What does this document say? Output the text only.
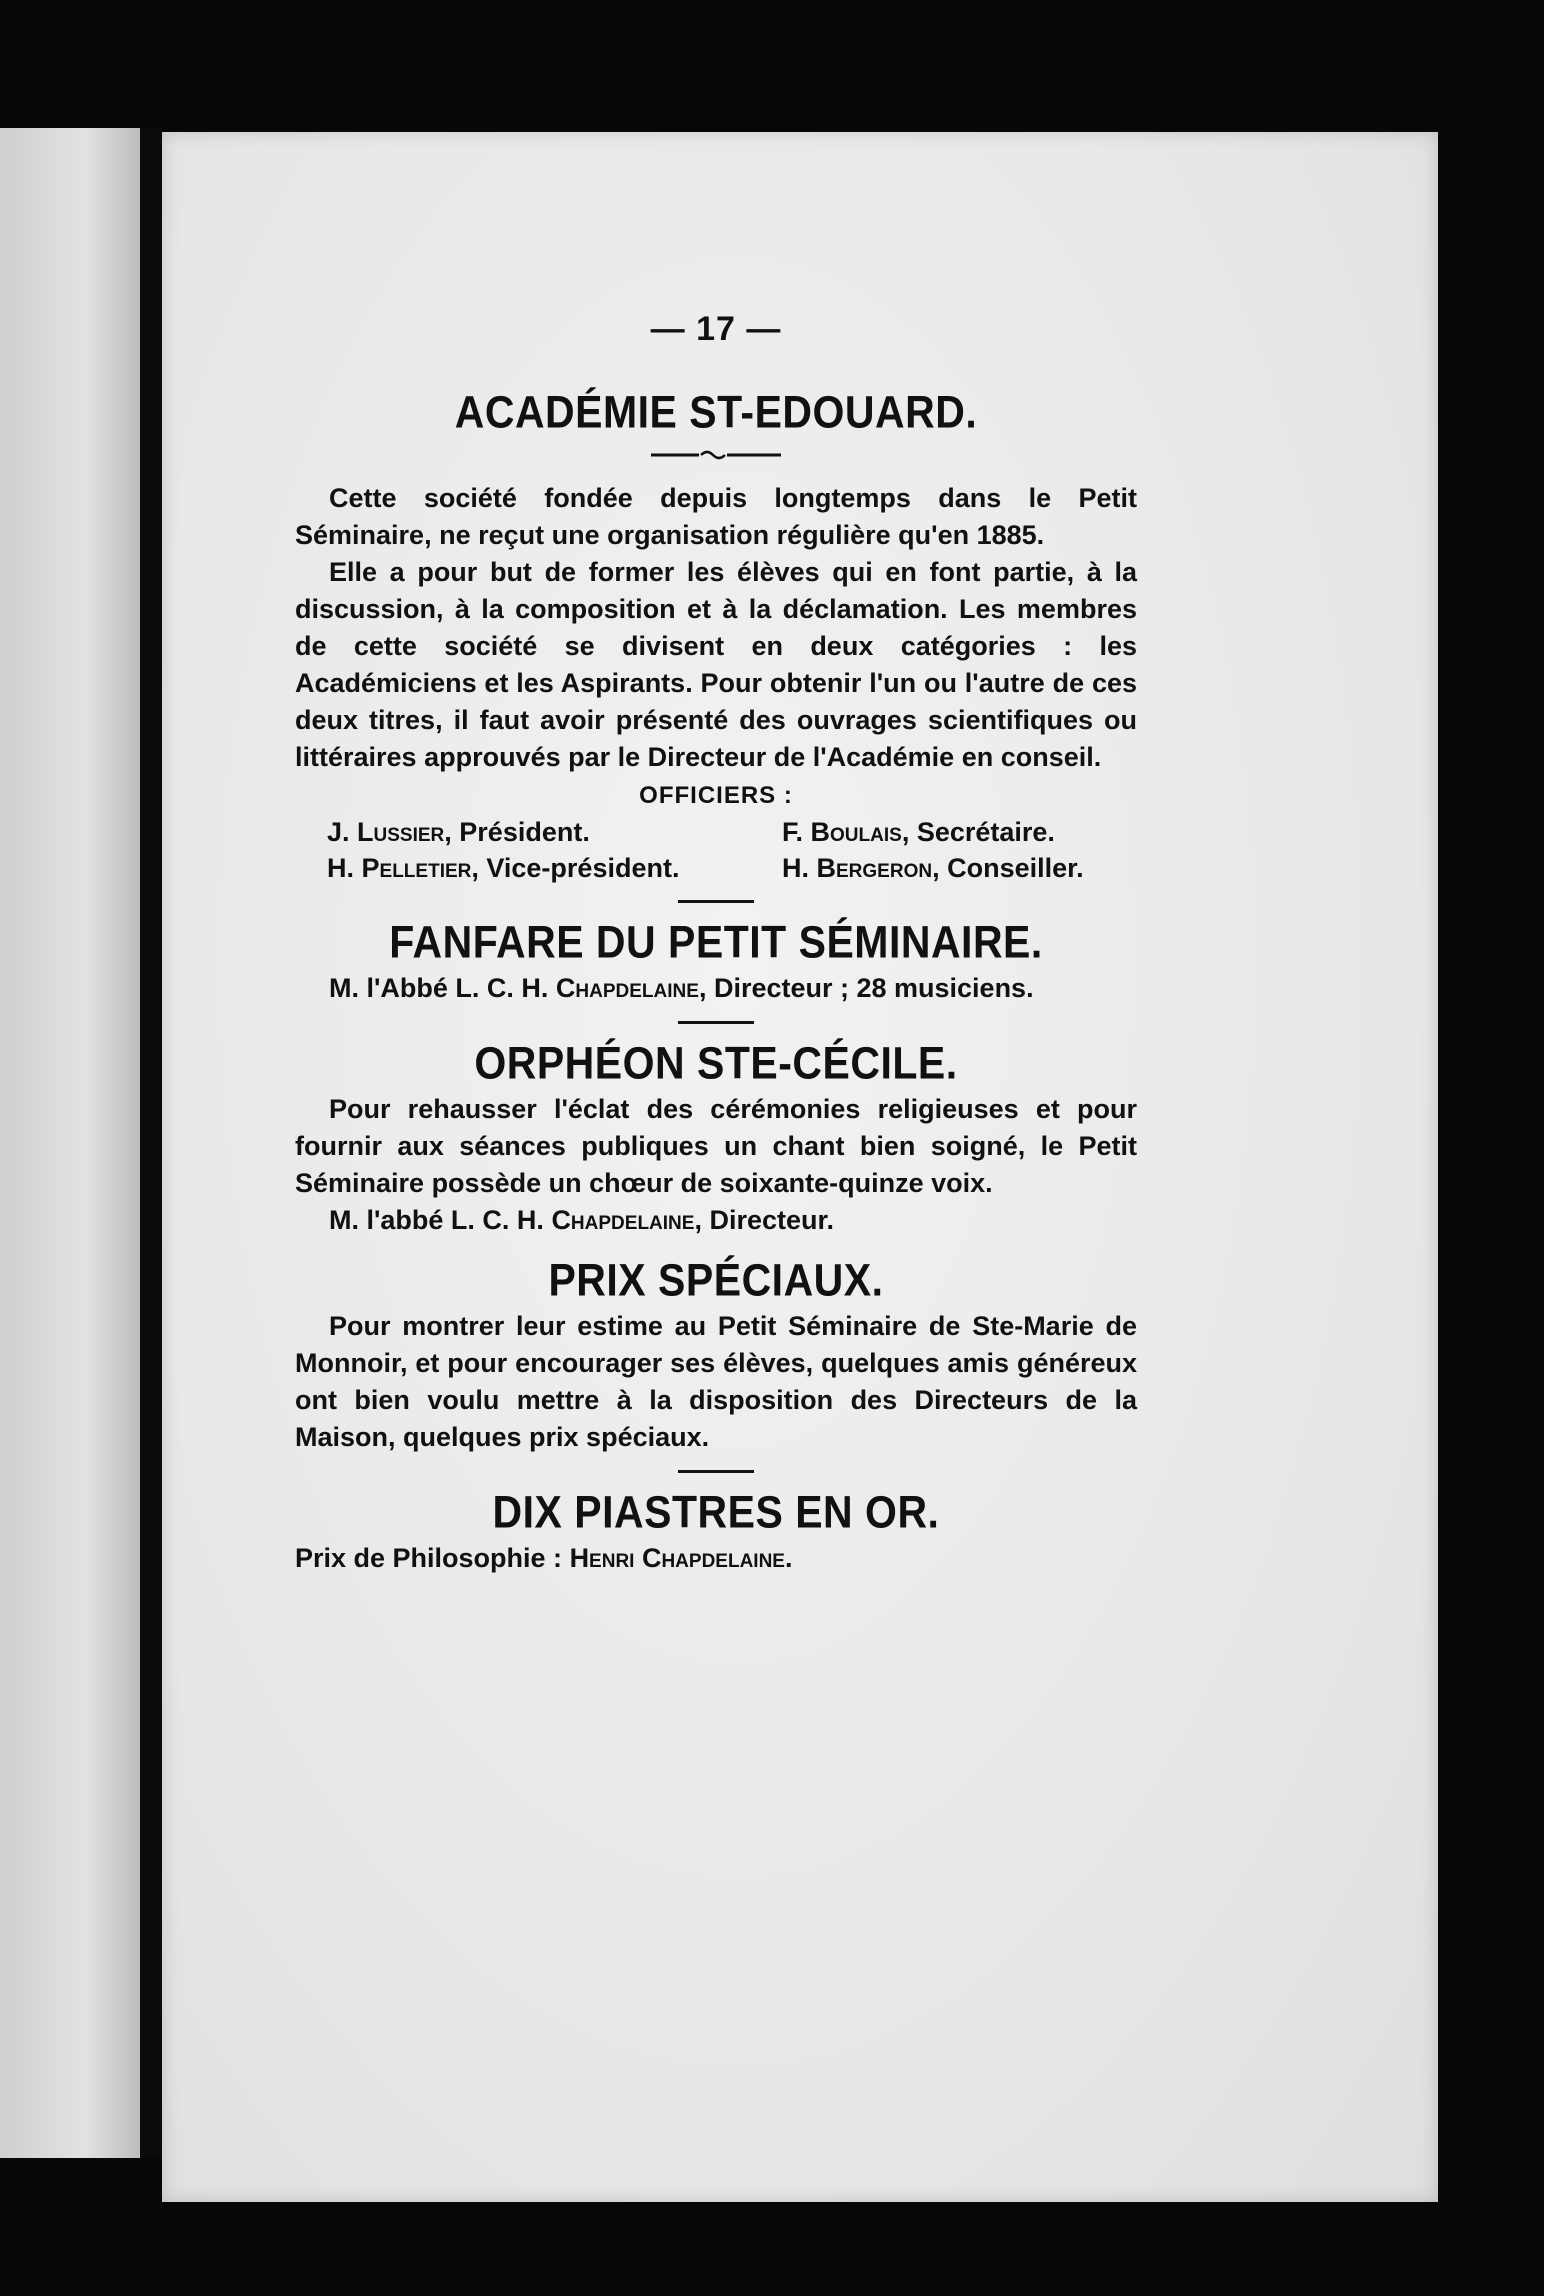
— 17 —
ACADÉMIE ST-EDOUARD.

Cette société fondée depuis longtemps dans le Petit Séminaire, ne reçut une organisation régulière qu'en 1885.

Elle a pour but de former les élèves qui en font partie, à la discussion, à la composition et à la déclamation. Les membres de cette société se divisent en deux catégories : les Académiciens et les Aspirants. Pour obtenir l'un ou l'autre de ces deux titres, il faut avoir présenté des ouvrages scientifiques ou littéraires approuvés par le Directeur de l'Académie en conseil.

OFFICIERS :
J. Lussier, Président.	F. Boulais, Secrétaire.
H. Pelletier, Vice-président.	H. Bergeron, Conseiller.
FANFARE DU PETIT SÉMINAIRE.

M. l'Abbé L. C. H. Chapdelaine, Directeur ; 28 musiciens.

ORPHÉON STE-CÉCILE.

Pour rehausser l'éclat des cérémonies religieuses et pour fournir aux séances publiques un chant bien soigné, le Petit Séminaire possède un chœur de soixante-quinze voix.

M. l'abbé L. C. H. Chapdelaine, Directeur.

PRIX SPÉCIAUX.

Pour montrer leur estime au Petit Séminaire de Ste-Marie de Monnoir, et pour encourager ses élèves, quelques amis généreux ont bien voulu mettre à la disposition des Directeurs de la Maison, quelques prix spéciaux.

DIX PIASTRES EN OR.

Prix de Philosophie : Henri Chapdelaine.
